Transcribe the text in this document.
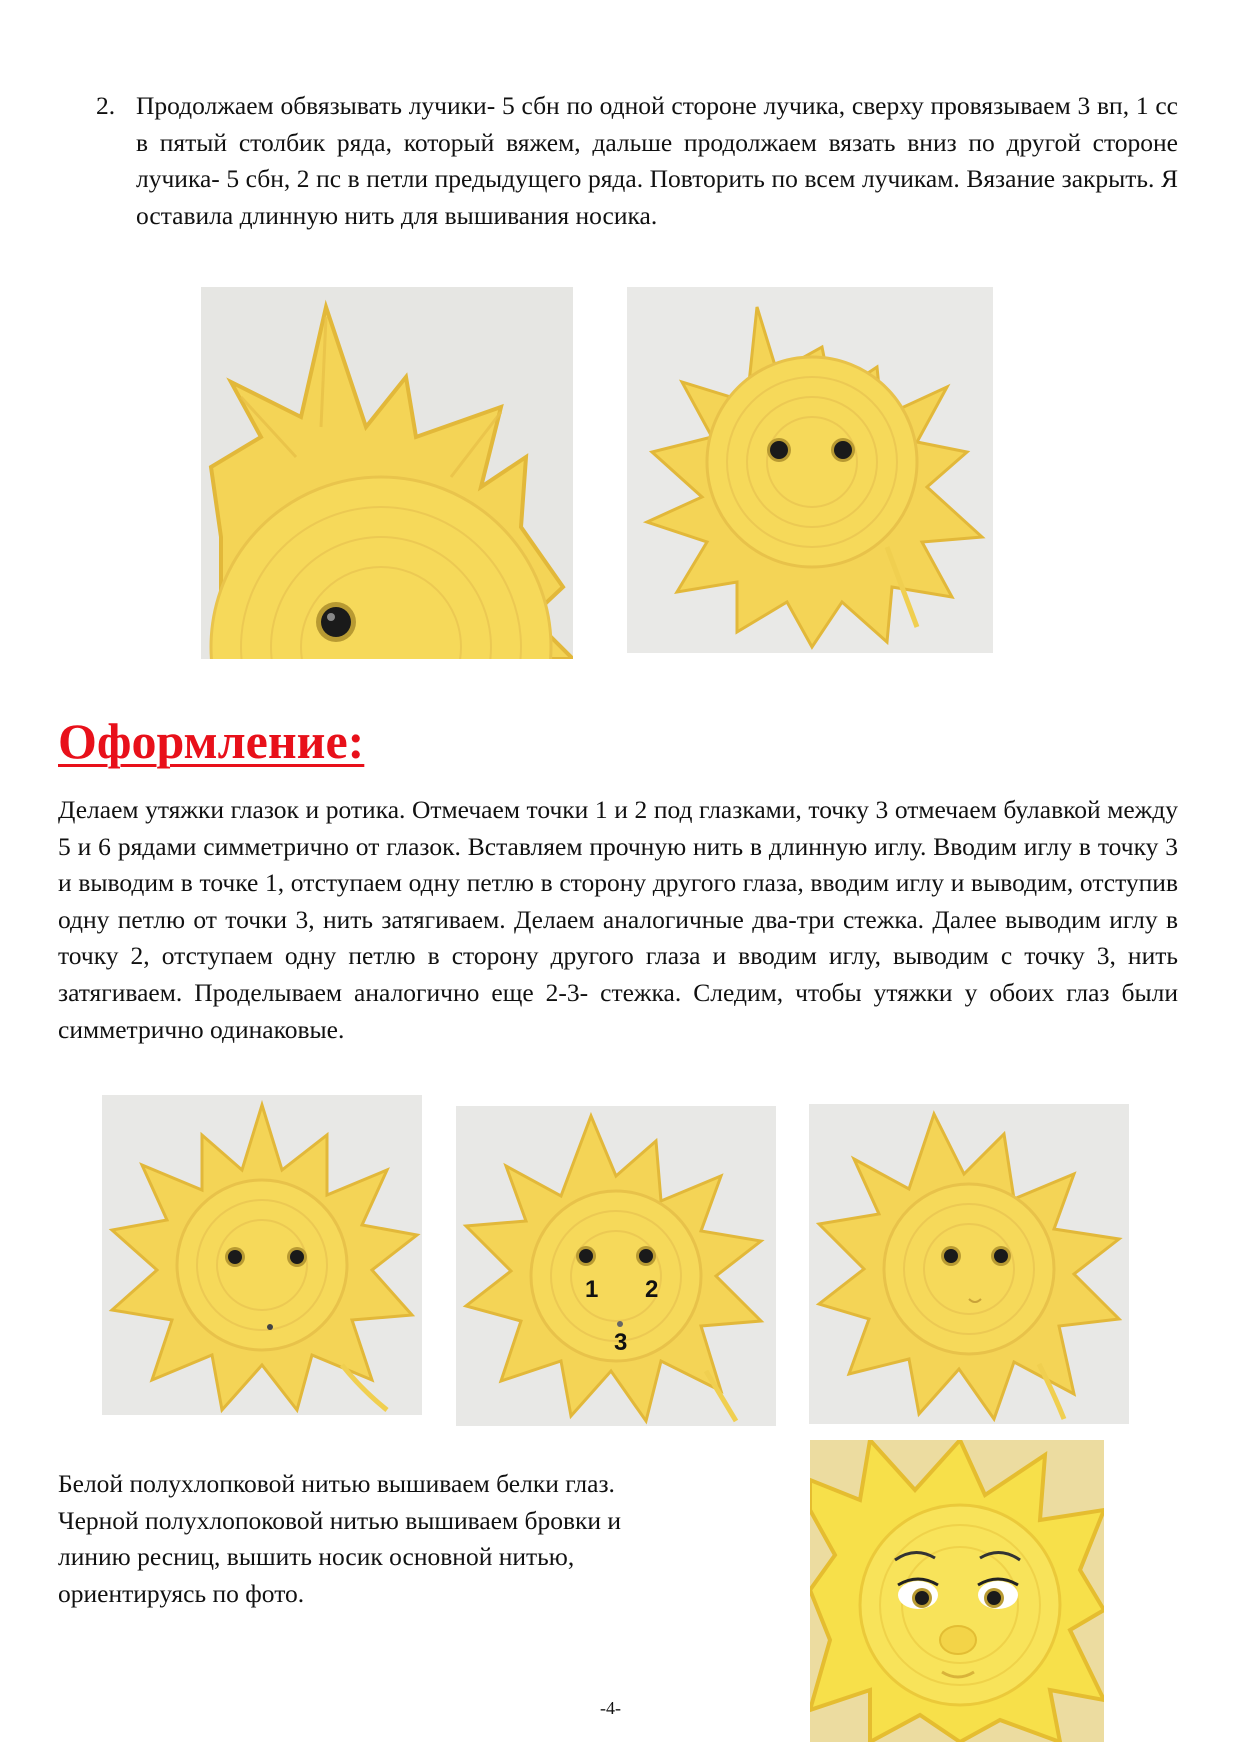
2. Продолжаем обвязывать лучики- 5 сбн по одной стороне лучика, сверху провязываем 3 вп, 1 сс в пятый столбик ряда, который вяжем, дальше продолжаем вязать вниз по другой стороне лучика- 5 сбн, 2 пс в петли предыдущего ряда. Повторить по всем лучикам. Вязание закрыть. Я оставила длинную нить для вышивания носика.
Оформление:

Делаем утяжки глазок и ротика. Отмечаем точки 1 и 2 под глазками, точку 3 отмечаем булавкой между 5 и 6 рядами симметрично от глазок. Вставляем прочную нить в длинную иглу. Вводим иглу в точку 3 и выводим в точке 1, отступаем одну петлю в сторону другого глаза, вводим иглу и выводим, отступив одну петлю от точки 3, нить затягиваем. Делаем аналогичные два-три стежка. Далее выводим иглу в точку 2, отступаем одну петлю в сторону другого глаза и вводим иглу, выводим с точку 3, нить затягиваем. Проделываем аналогично еще 2-3- стежка. Следим, чтобы утяжки у обоих глаз были симметрично одинаковые.

1 2
3

Белой полухлопковой нитью вышиваем белки глаз.
Черной полухлопоковой нитью вышиваем бровки и
линию ресниц, вышить носик основной нитью,
ориентируясь по фото.

-4-
